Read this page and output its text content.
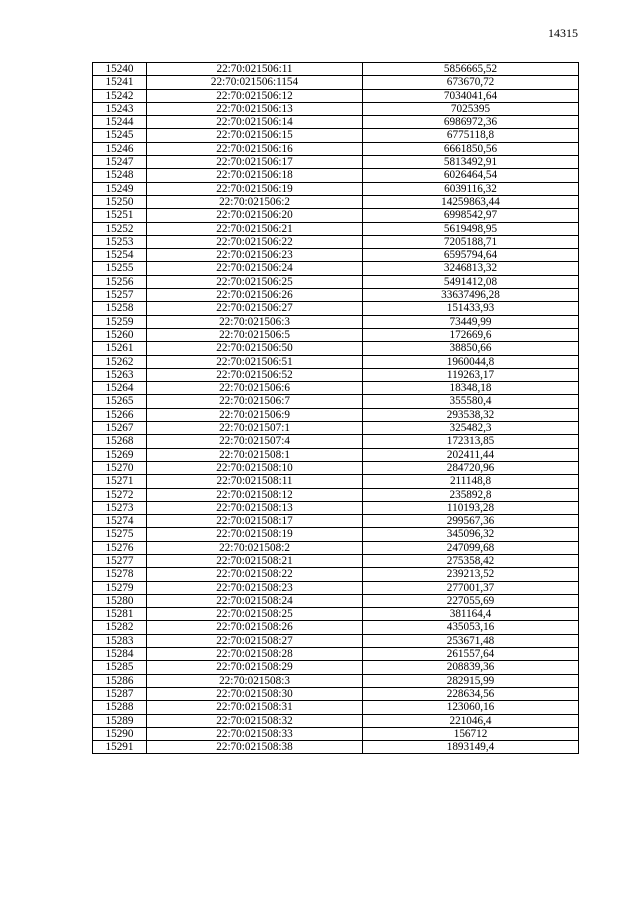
14315
15240	22:70:021506:11	5856665,52
15241	22:70:021506:1154	673670,72
15242	22:70:021506:12	7034041,64
15243	22:70:021506:13	7025395
15244	22:70:021506:14	6986972,36
15245	22:70:021506:15	6775118,8
15246	22:70:021506:16	6661850,56
15247	22:70:021506:17	5813492,91
15248	22:70:021506:18	6026464,54
15249	22:70:021506:19	6039116,32
15250	22:70:021506:2	14259863,44
15251	22:70:021506:20	6998542,97
15252	22:70:021506:21	5619498,95
15253	22:70:021506:22	7205188,71
15254	22:70:021506:23	6595794,64
15255	22:70:021506:24	3246813,32
15256	22:70:021506:25	5491412,08
15257	22:70:021506:26	33637496,28
15258	22:70:021506:27	151433,93
15259	22:70:021506:3	73449,99
15260	22:70:021506:5	172669,6
15261	22:70:021506:50	38850,66
15262	22:70:021506:51	1960044,8
15263	22:70:021506:52	119263,17
15264	22:70:021506:6	18348,18
15265	22:70:021506:7	355580,4
15266	22:70:021506:9	293538,32
15267	22:70:021507:1	325482,3
15268	22:70:021507:4	172313,85
15269	22:70:021508:1	202411,44
15270	22:70:021508:10	284720,96
15271	22:70:021508:11	211148,8
15272	22:70:021508:12	235892,8
15273	22:70:021508:13	110193,28
15274	22:70:021508:17	299567,36
15275	22:70:021508:19	345096,32
15276	22:70:021508:2	247099,68
15277	22:70:021508:21	275358,42
15278	22:70:021508:22	239213,52
15279	22:70:021508:23	277001,37
15280	22:70:021508:24	227055,69
15281	22:70:021508:25	381164,4
15282	22:70:021508:26	435053,16
15283	22:70:021508:27	253671,48
15284	22:70:021508:28	261557,64
15285	22:70:021508:29	208839,36
15286	22:70:021508:3	282915,99
15287	22:70:021508:30	228634,56
15288	22:70:021508:31	123060,16
15289	22:70:021508:32	221046,4
15290	22:70:021508:33	156712
15291	22:70:021508:38	1893149,4
